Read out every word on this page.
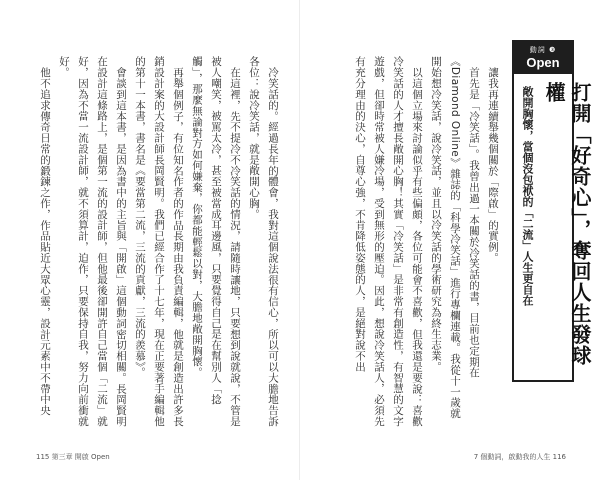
動詞 ❸
Open
打開「好奇心」，奪回人生發球權
敞開胸懷，當個沒包袱的「二流」人生更自在

讓我再連續舉幾個關於「際啟」的實例。

首先是「冷笑話」。我曾出過一本關於冷笑話的書，目前也定期在《Diamond Online》雜誌的「科學冷笑話」進行專欄連載。我從十一歲就開始想冷笑話，說冷笑話，並且以冷笑話的學術研究為終生志業。

以這個立場來討論似乎有些偏頗，各位可能會不喜歡，但我還是要說：喜歡冷笑話的人才擅長敞開心胸！其實「冷笑話」是非常有創造性，有智慧的文字遊戲，但卻時常被人嫌冷場，受到無形的壓迫。因此，想說冷笑話人，必須先有充分理由的決心，自尊心強，不肯降低姿態的人，是絕對說不出

冷笑話的。經過長年的體會，我對這個說法很有信心，所以可以大膽地告訴各位：說冷笑話，就是敞開心胸。

在這裡，先不提冷不冷笑話的情況，請隨時讓地，只要想到說就說，不管是被人嘲笑，被罵太冷，甚至被當成耳邊風，只要覺得自己是在幫別人「捻觸」，那麼無論對方如何嫌棄，你都能輕鬆以對，大膽地敞開胸懷。

再舉個例子，有位知名作者的作品長期由我負責編輯，他就是創造出許多長銷設計案的大設計師長岡賢明。我們已經合作了十七年，現在正要著手編輯他的第十一本書，書名是《要當第二流，三流的貢獻，三流的羨慕》。

會談到這本書，是因為書中的主旨與「開啟」這個動詞密切相關。長岡賢明在設計這條路上，是個第一流的設計師，但他最後卻開許自己當個「二流」就好，因為不當一流設計師，就不須算計，迫作，只要保持自我，努力向前衝就好。

他不追求傳奇日常的鍛鍊之作，作品貼近大眾心靈，設計元素中不帶中央

115 第三章 開啟 Open	7 個動詞，啟動我的人生 116
